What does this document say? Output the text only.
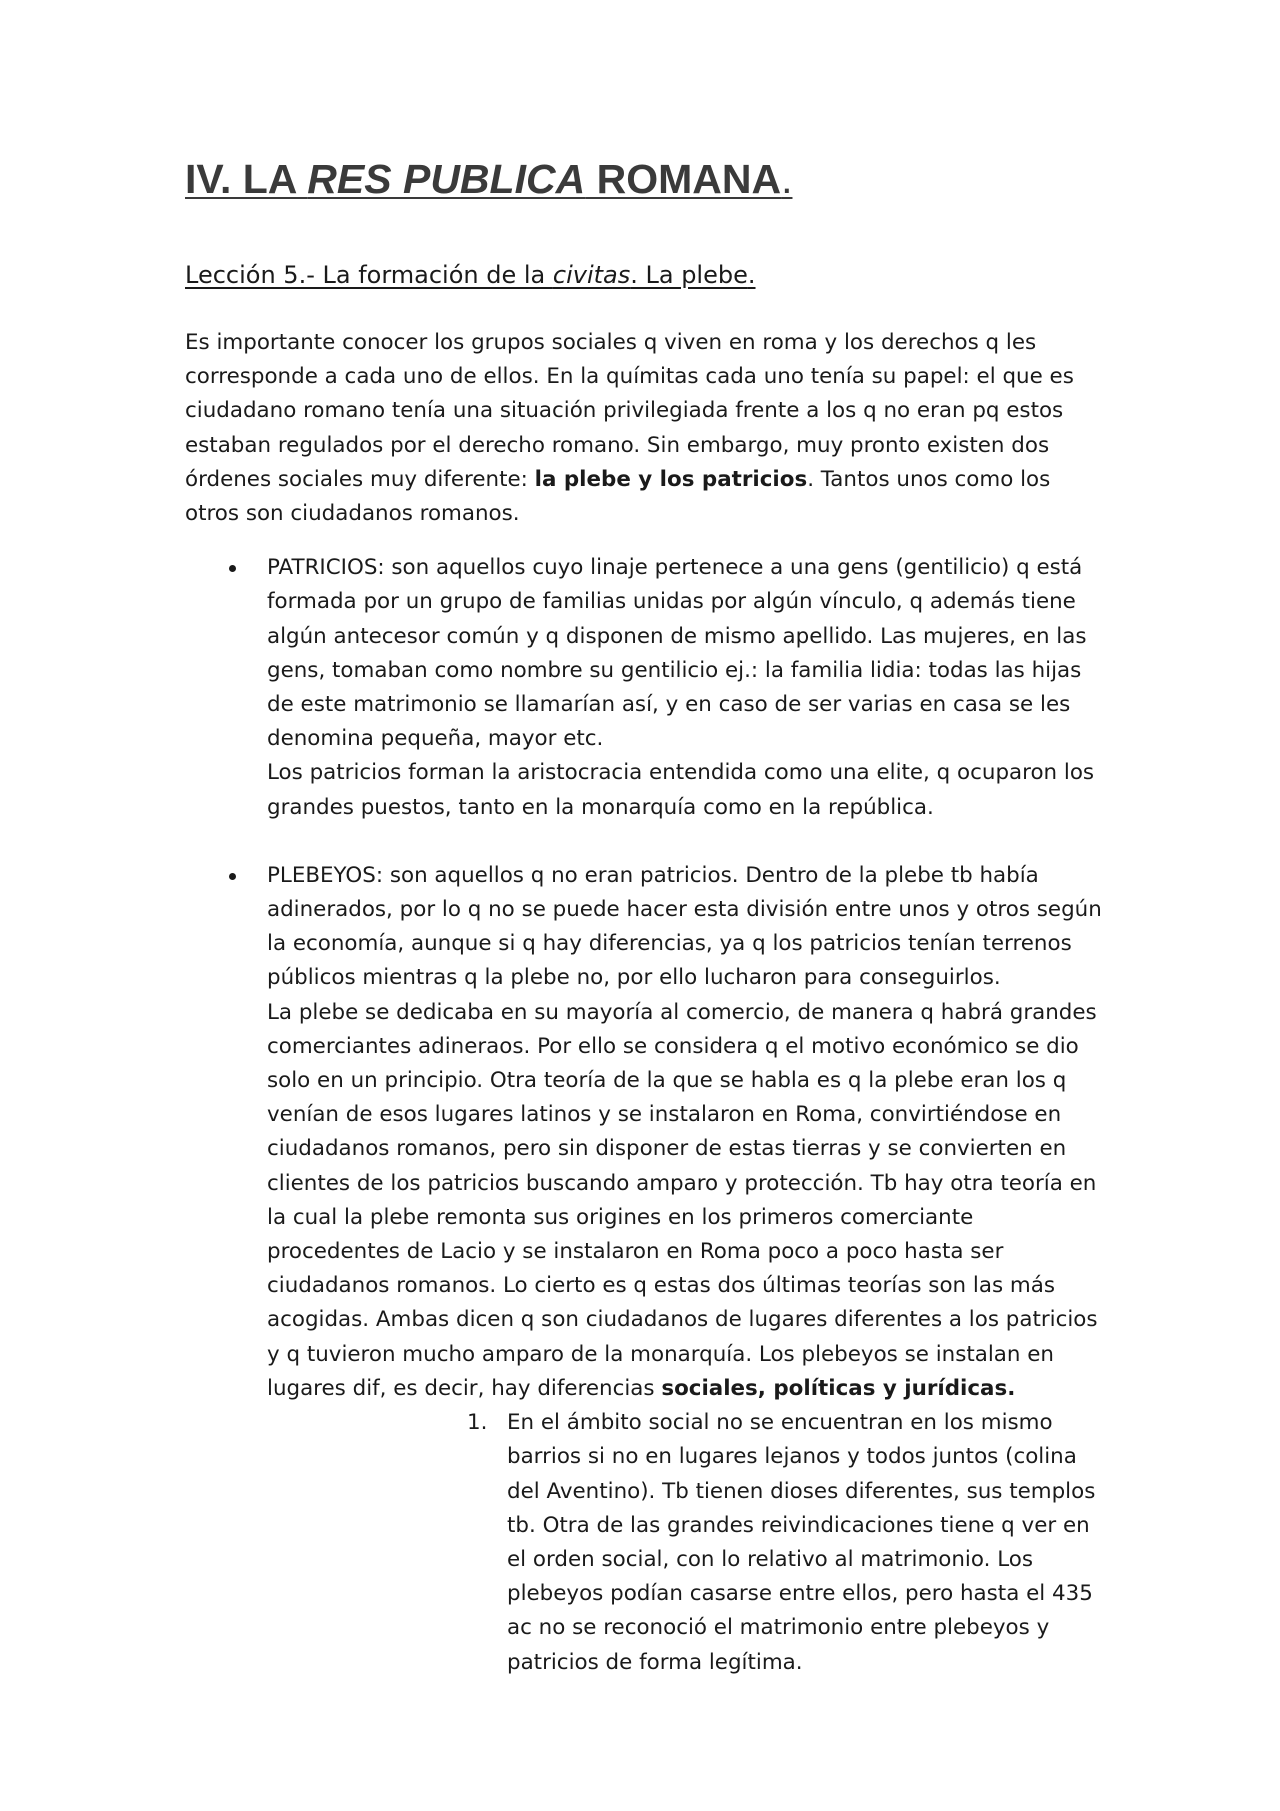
IV. LA RES PUBLICA ROMANA.
Lección 5.- La formación de la civitas. La plebe.

Es importante conocer los grupos sociales q viven en roma y los derechos q les corresponde a cada uno de ellos. En la químitas cada uno tenía su papel: el que es ciudadano romano tenía una situación privilegiada frente a los q no eran pq estos estaban regulados por el derecho romano. Sin embargo, muy pronto existen dos órdenes sociales muy diferente: la plebe y los patricios. Tantos unos como los otros son ciudadanos romanos.

PATRICIOS: son aquellos cuyo linaje pertenece a una gens (gentilicio) q está formada por un grupo de familias unidas por algún vínculo, q además tiene algún antecesor común y q disponen de mismo apellido. Las mujeres, en las gens, tomaban como nombre su gentilicio ej.: la familia lidia: todas las hijas de este matrimonio se llamarían así, y en caso de ser varias en casa se les denomina pequeña, mayor etc.
Los patricios forman la aristocracia entendida como una elite, q ocuparon los grandes puestos, tanto en la monarquía como en la república.
PLEBEYOS: son aquellos q no eran patricios. Dentro de la plebe tb había adinerados, por lo q no se puede hacer esta división entre unos y otros según la economía, aunque si q hay diferencias, ya q los patricios tenían terrenos públicos mientras q la plebe no, por ello lucharon para conseguirlos.
La plebe se dedicaba en su mayoría al comercio, de manera q habrá grandes comerciantes adineraos. Por ello se considera q el motivo económico se dio solo en un principio. Otra teoría de la que se habla es q la plebe eran los q venían de esos lugares latinos y se instalaron en Roma, convirtiéndose en ciudadanos romanos, pero sin disponer de estas tierras y se convierten en clientes de los patricios buscando amparo y protección. Tb hay otra teoría en la cual la plebe remonta sus origines en los primeros comerciante procedentes de Lacio y se instalaron en Roma poco a poco hasta ser ciudadanos romanos. Lo cierto es q estas dos últimas teorías son las más acogidas. Ambas dicen q son ciudadanos de lugares diferentes a los patricios y q tuvieron mucho amparo de la monarquía. Los plebeyos se instalan en lugares dif, es decir, hay diferencias sociales, políticas y jurídicas.
1. En el ámbito social no se encuentran en los mismo barrios si no en lugares lejanos y todos juntos (colina del Aventino). Tb tienen dioses diferentes, sus templos tb. Otra de las grandes reivindicaciones tiene q ver en el orden social, con lo relativo al matrimonio. Los plebeyos podían casarse entre ellos, pero hasta el 435 ac no se reconoció el matrimonio entre plebeyos y patricios de forma legítima.
